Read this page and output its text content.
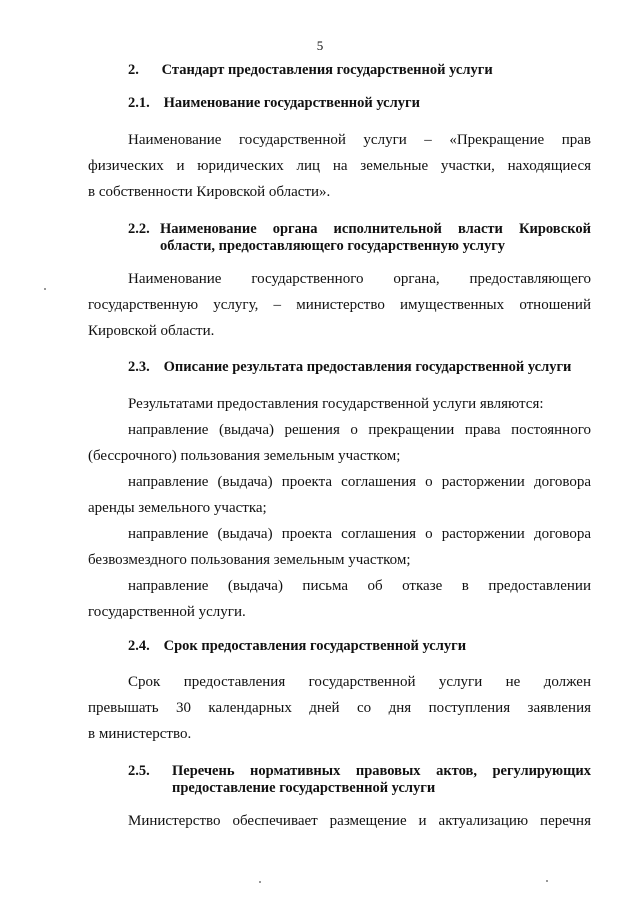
5
2. Стандарт предоставления государственной услуги
2.1. Наименование государственной услуги
Наименование государственной услуги – «Прекращение прав
физических и юридических лиц на земельные участки, находящиеся
в собственности Кировской области».
2.2. Наименование органа исполнительной власти Кировской
области, предоставляющего государственную услугу
Наименование государственного органа, предоставляющего
государственную услугу, – министерство имущественных отношений
Кировской области.
2.3. Описание результата предоставления государственной услуги
Результатами предоставления государственной услуги являются:
направление (выдача) решения о прекращении права постоянного
(бессрочного) пользования земельным участком;
направление (выдача) проекта соглашения о расторжении договора
аренды земельного участка;
направление (выдача) проекта соглашения о расторжении договора
безвозмездного пользования земельным участком;
направление (выдача) письма об отказе в предоставлении
государственной услуги.
2.4. Срок предоставления государственной услуги
Срок предоставления государственной услуги не должен
превышать 30 календарных дней со дня поступления заявления
в министерство.
2.5.	Перечень нормативных правовых актов, регулирующих
предоставление государственной услуги
Министерство обеспечивает размещение и актуализацию перечня
